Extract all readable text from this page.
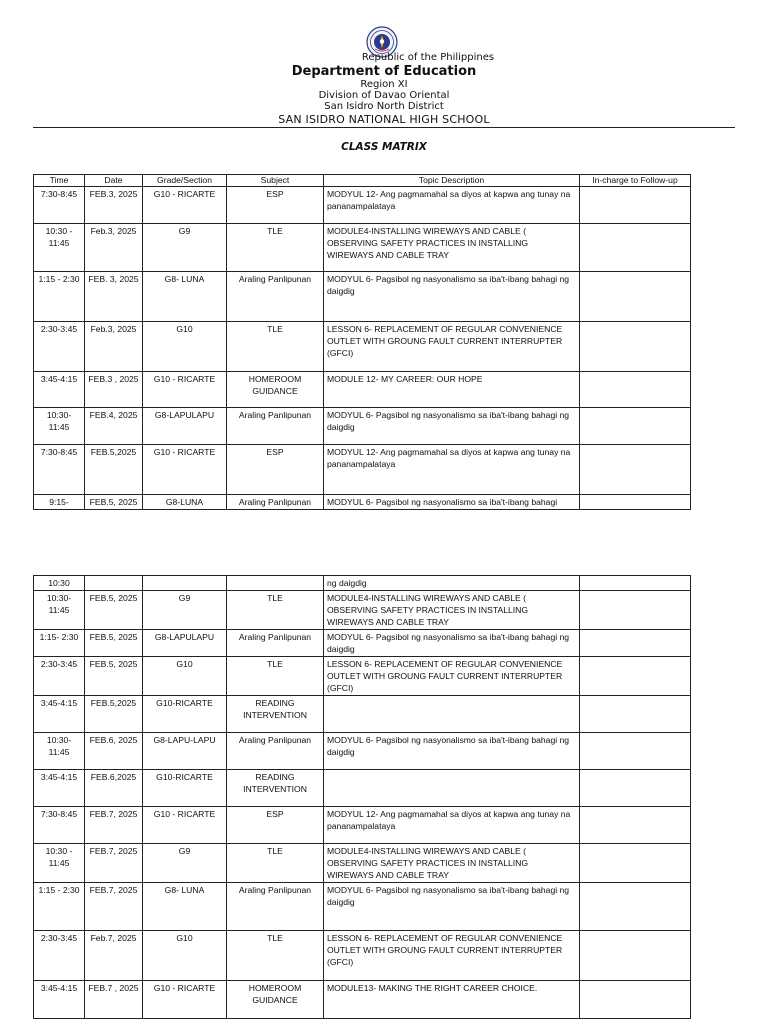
Republic of the Philippines
Department of Education
Region XI
Division of Davao Oriental
San Isidro North District
SAN ISIDRO NATIONAL HIGH SCHOOL
CLASS MATRIX
Time	Date	Grade/Section	Subject	Topic Description	In-charge to Follow-up
7:30-8:45	FEB.3, 2025	G10 - RICARTE	ESP	MODYUL 12- Ang pagmamahal sa diyos at kapwa ang tunay na pananampalataya	
10:30 - 11:45	Feb.3, 2025	G9	TLE	MODULE4-INSTALLING WIREWAYS AND CABLE ( OBSERVING SAFETY PRACTICES IN INSTALLING WIREWAYS AND CABLE TRAY	
1:15 - 2:30	FEB. 3, 2025	G8- LUNA	Araling Panlipunan	MODYUL 6- Pagsibol ng nasyonalismo sa iba't-ibang bahagi ng daigdig	
2:30-3:45	Feb.3, 2025	G10	TLE	LESSON 6- REPLACEMENT OF REGULAR CONVENIENCE OUTLET WITH GROUNG FAULT CURRENT INTERRUPTER (GFCI)	
3:45-4:15	FEB.3 , 2025	G10 - RICARTE	HOMEROOM GUIDANCE	MODULE 12- MY CAREER: OUR HOPE	
10:30- 11:45	FEB.4, 2025	G8-LAPULAPU	Araling Panlipunan	MODYUL 6- Pagsibol ng nasyonalismo sa iba't-ibang bahagi ng daigdig	
7:30-8:45	FEB.5,2025	G10 - RICARTE	ESP	MODYUL 12- Ang pagmamahal sa diyos at kapwa ang tunay na pananampalataya	
9:15-	FEB.5, 2025	G8-LUNA	Araling Panlipunan	MODYUL 6- Pagsibol ng nasyonalismo sa iba't-ibang bahagi	
10:30				ng daigdig	
10:30- 11:45	FEB.5, 2025	G9	TLE	MODULE4-INSTALLING WIREWAYS AND CABLE ( OBSERVING SAFETY PRACTICES IN INSTALLING WIREWAYS AND CABLE TRAY	
1:15- 2:30	FEB.5, 2025	G8-LAPULAPU	Araling Panlipunan	MODYUL 6- Pagsibol ng nasyonalismo sa iba't-ibang bahagi ng daigdig	
2:30-3:45	FEB.5, 2025	G10	TLE	LESSON 6- REPLACEMENT OF REGULAR CONVENIENCE OUTLET WITH GROUNG FAULT CURRENT INTERRUPTER (GFCI)	
3:45-4:15	FEB.5,2025	G10-RICARTE	READING INTERVENTION		
10:30- 11:45	FEB.6, 2025	G8-LAPU-LAPU	Araling Panlipunan	MODYUL 6- Pagsibol ng nasyonalismo sa iba't-ibang bahagi ng daigdig	
3:45-4:15	FEB.6,2025	G10-RICARTE	READING INTERVENTION		
7:30-8:45	FEB.7, 2025	G10 - RICARTE	ESP	MODYUL 12- Ang pagmamahal sa diyos at kapwa ang tunay na pananampalataya	
10:30 - 11:45	FEB.7, 2025	G9	TLE	MODULE4-INSTALLING WIREWAYS AND CABLE ( OBSERVING SAFETY PRACTICES IN INSTALLING WIREWAYS AND CABLE TRAY	
1:15 - 2:30	FEB.7, 2025	G8- LUNA	Araling Panlipunan	MODYUL 6- Pagsibol ng nasyonalismo sa iba't-ibang bahagi ng daigdig	
2:30-3:45	Feb.7, 2025	G10	TLE	LESSON 6- REPLACEMENT OF REGULAR CONVENIENCE OUTLET WITH GROUNG FAULT CURRENT INTERRUPTER (GFCI)	
3:45-4:15	FEB.7 , 2025	G10 - RICARTE	HOMEROOM GUIDANCE	MODULE13- MAKING THE RIGHT CAREER CHOICE.	
